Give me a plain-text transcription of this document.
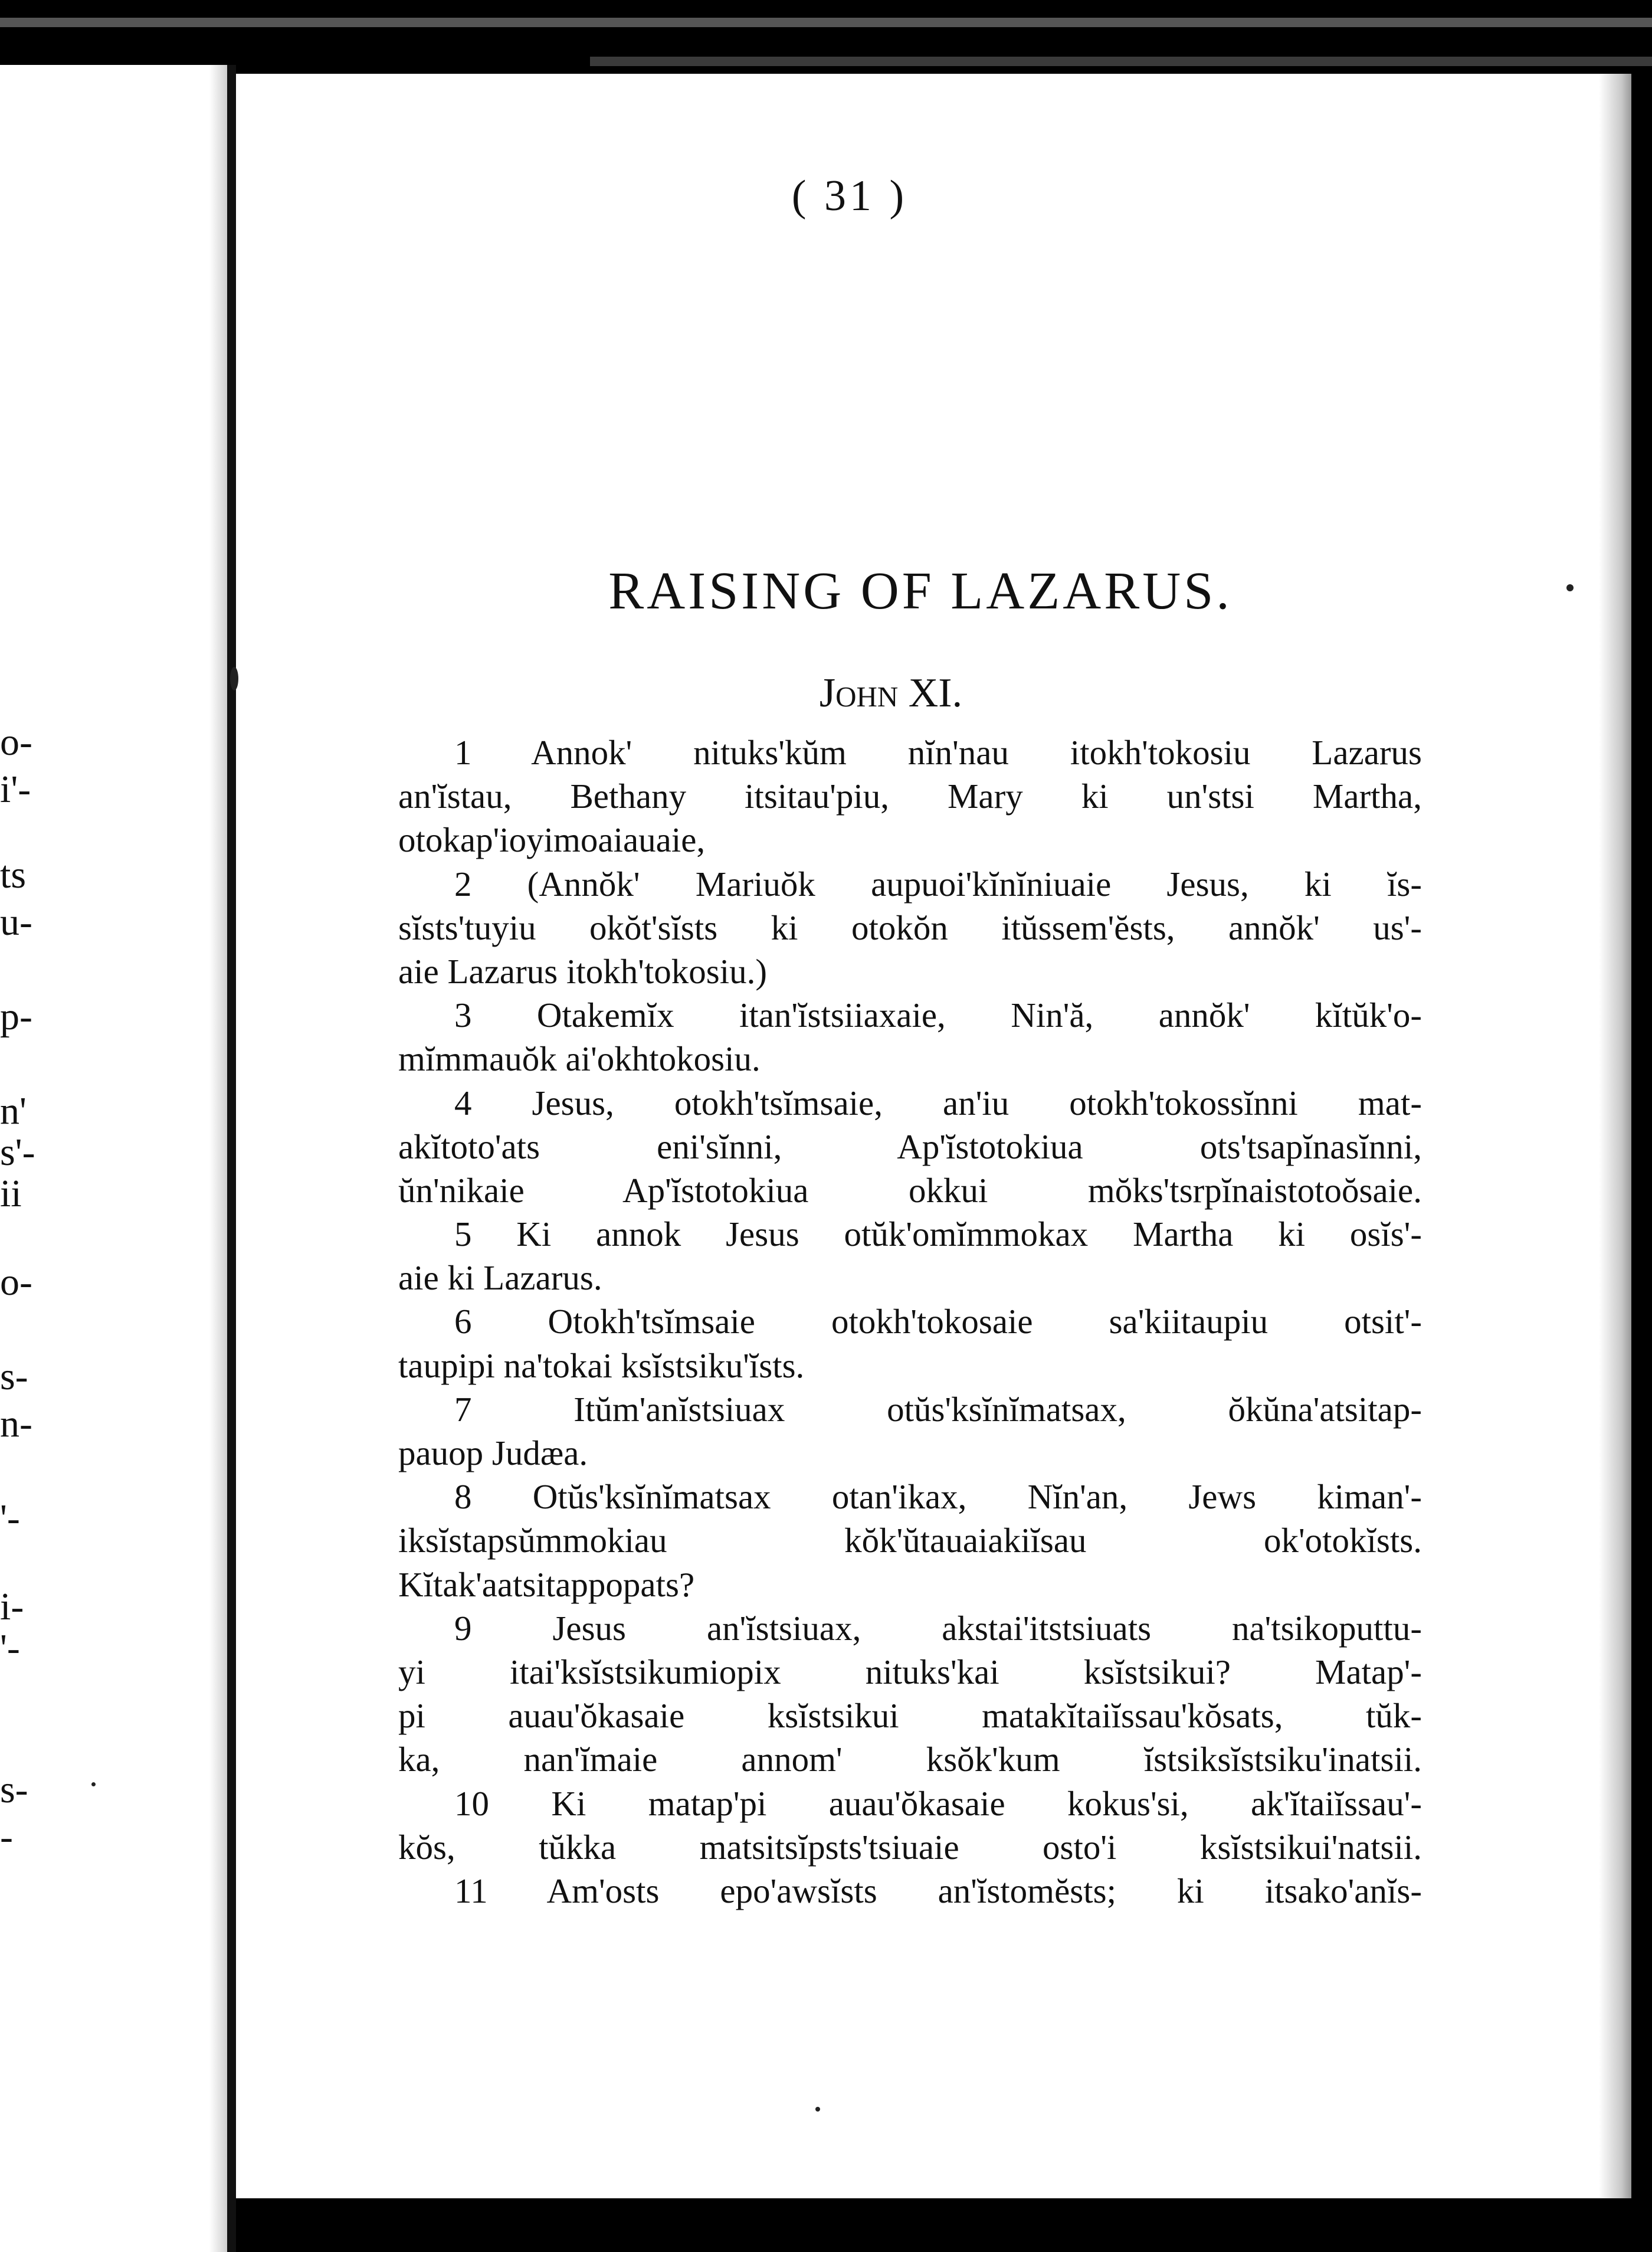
o-
i'-
ts
u-
p-
n'
s'-
ii
o-
s-
n-
'-
i-
'-
s-
-
( 31 )
RAISING OF LAZARUS.
John XI.
1 Annok' nituks'kŭm nĭn'nau itokh'tokosiu Lazarus
an'ĭstau, Bethany itsitau'piu, Mary ki un'stsi Martha,
otokap'ioyimoaiauaie,
2 (Annŏk' Mariuŏk aupuoi'kĭnĭniuaie Jesus, ki ĭs-
sĭsts'tuyiu okŏt'sĭsts ki otokŏn itŭssem'ĕsts, annŏk' us'-
aie Lazarus itokh'tokosiu.)
3 Otakemĭx itan'ĭstsiiaxaie, Nin'ă, annŏk' kĭtŭk'o-
mĭmmauŏk ai'okhtokosiu.
4 Jesus, otokh'tsĭmsaie, an'iu otokh'tokossĭnni mat-
akĭtoto'ats eni'sĭnni, Ap'ĭstotokiua ots'tsapĭnasĭnni,
ŭn'nikaie Ap'ĭstotokiua okkui mŏks'tsrpĭnaistotoŏsaie.
5 Ki annok Jesus otŭk'omĭmmokax Martha ki osĭs'-
aie ki Lazarus.
6 Otokh'tsĭmsaie otokh'tokosaie sa'kiitaupiu otsit'-
taupipi na'tokai ksĭstsiku'ĭsts.
7 Itŭm'anĭstsiuax otŭs'ksĭnĭmatsax, ŏkŭna'atsitap-
pauop Judæa.
8 Otŭs'ksĭnĭmatsax otan'ikax, Nĭn'an, Jews kiman'-
iksĭstapsŭmmokiau kŏk'ŭtauaiakiĭsau ok'otokĭsts.
Kĭtak'aatsitappopats?
9 Jesus an'ĭstsiuax, akstai'itstsiuats na'tsikoputtu-
yi itai'ksĭstsikumiopix nituks'kai ksĭstsikui? Matap'-
pi auau'ŏkasaie ksĭstsikui matakĭtaiĭssau'kŏsats, tŭk-
ka, nan'ĭmaie annom' ksŏk'kum ĭstsiksĭstsiku'inatsii.
10 Ki matap'pi auau'ŏkasaie kokus'si, ak'ĭtaiĭssau'-
kŏs, tŭkka matsitsĭpsts'tsiuaie osto'i ksĭstsikui'natsii.
11 Am'osts epo'awsĭsts an'ĭstomĕsts; ki itsako'anĭs-
